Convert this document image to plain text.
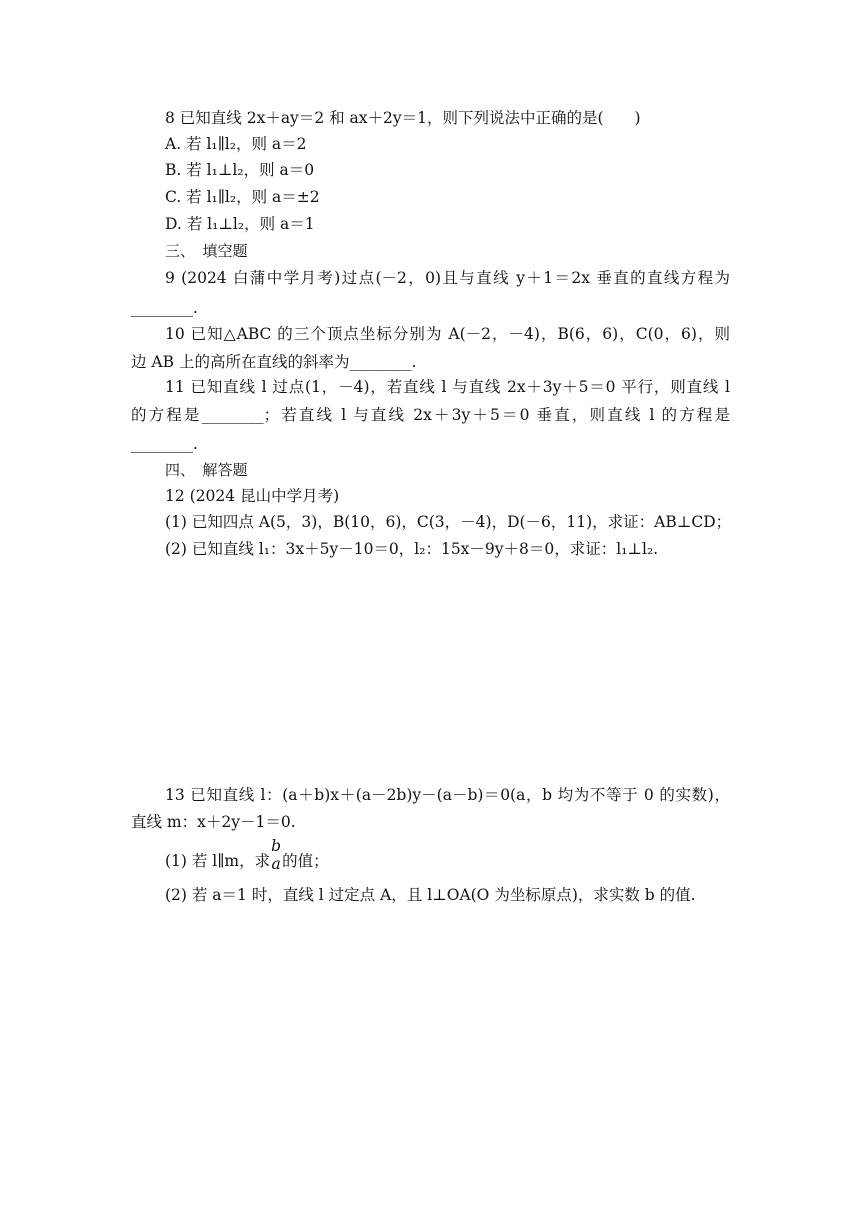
8 已知直线 2x＋ay＝2 和 ax＋2y＝1，则下列说法中正确的是(　　)
A. 若 l₁∥l₂，则 a＝2
B. 若 l₁⊥l₂，则 a＝0
C. 若 l₁∥l₂，则 a＝±2
D. 若 l₁⊥l₂，则 a＝1
三、　填空题
9 (2024 白蒲中学月考)过点(－2，0)且与直线 y＋1＝2x 垂直的直线方程为
________.
10 已知△ABC 的三个顶点坐标分别为 A(－2，－4)，B(6，6)，C(0，6)，则
边 AB 上的高所在直线的斜率为________.
11 已知直线 l 过点(1，－4)，若直线 l 与直线 2x＋3y＋5＝0 平行，则直线 l
的方程是________；若直线 l 与直线 2x＋3y＋5＝0 垂直，则直线 l 的方程是
________.
四、　解答题
12 (2024 昆山中学月考)
(1) 已知四点 A(5，3)，B(10，6)，C(3，－4)，D(－6，11)，求证：AB⊥CD；
(2) 已知直线 l₁：3x＋5y－10＝0，l₂：15x－9y＋8＝0，求证：l₁⊥l₂.
13 已知直线 l：(a＋b)x＋(a－2b)y－(a－b)＝0(a，b 均为不等于 0 的实数)，
直线 m：x＋2y－1＝0.
(1) 若 l∥m，求
b
a 的值；
(2) 若 a＝1 时，直线 l 过定点 A，且 l⊥OA(O 为坐标原点)，求实数 b 的值.
